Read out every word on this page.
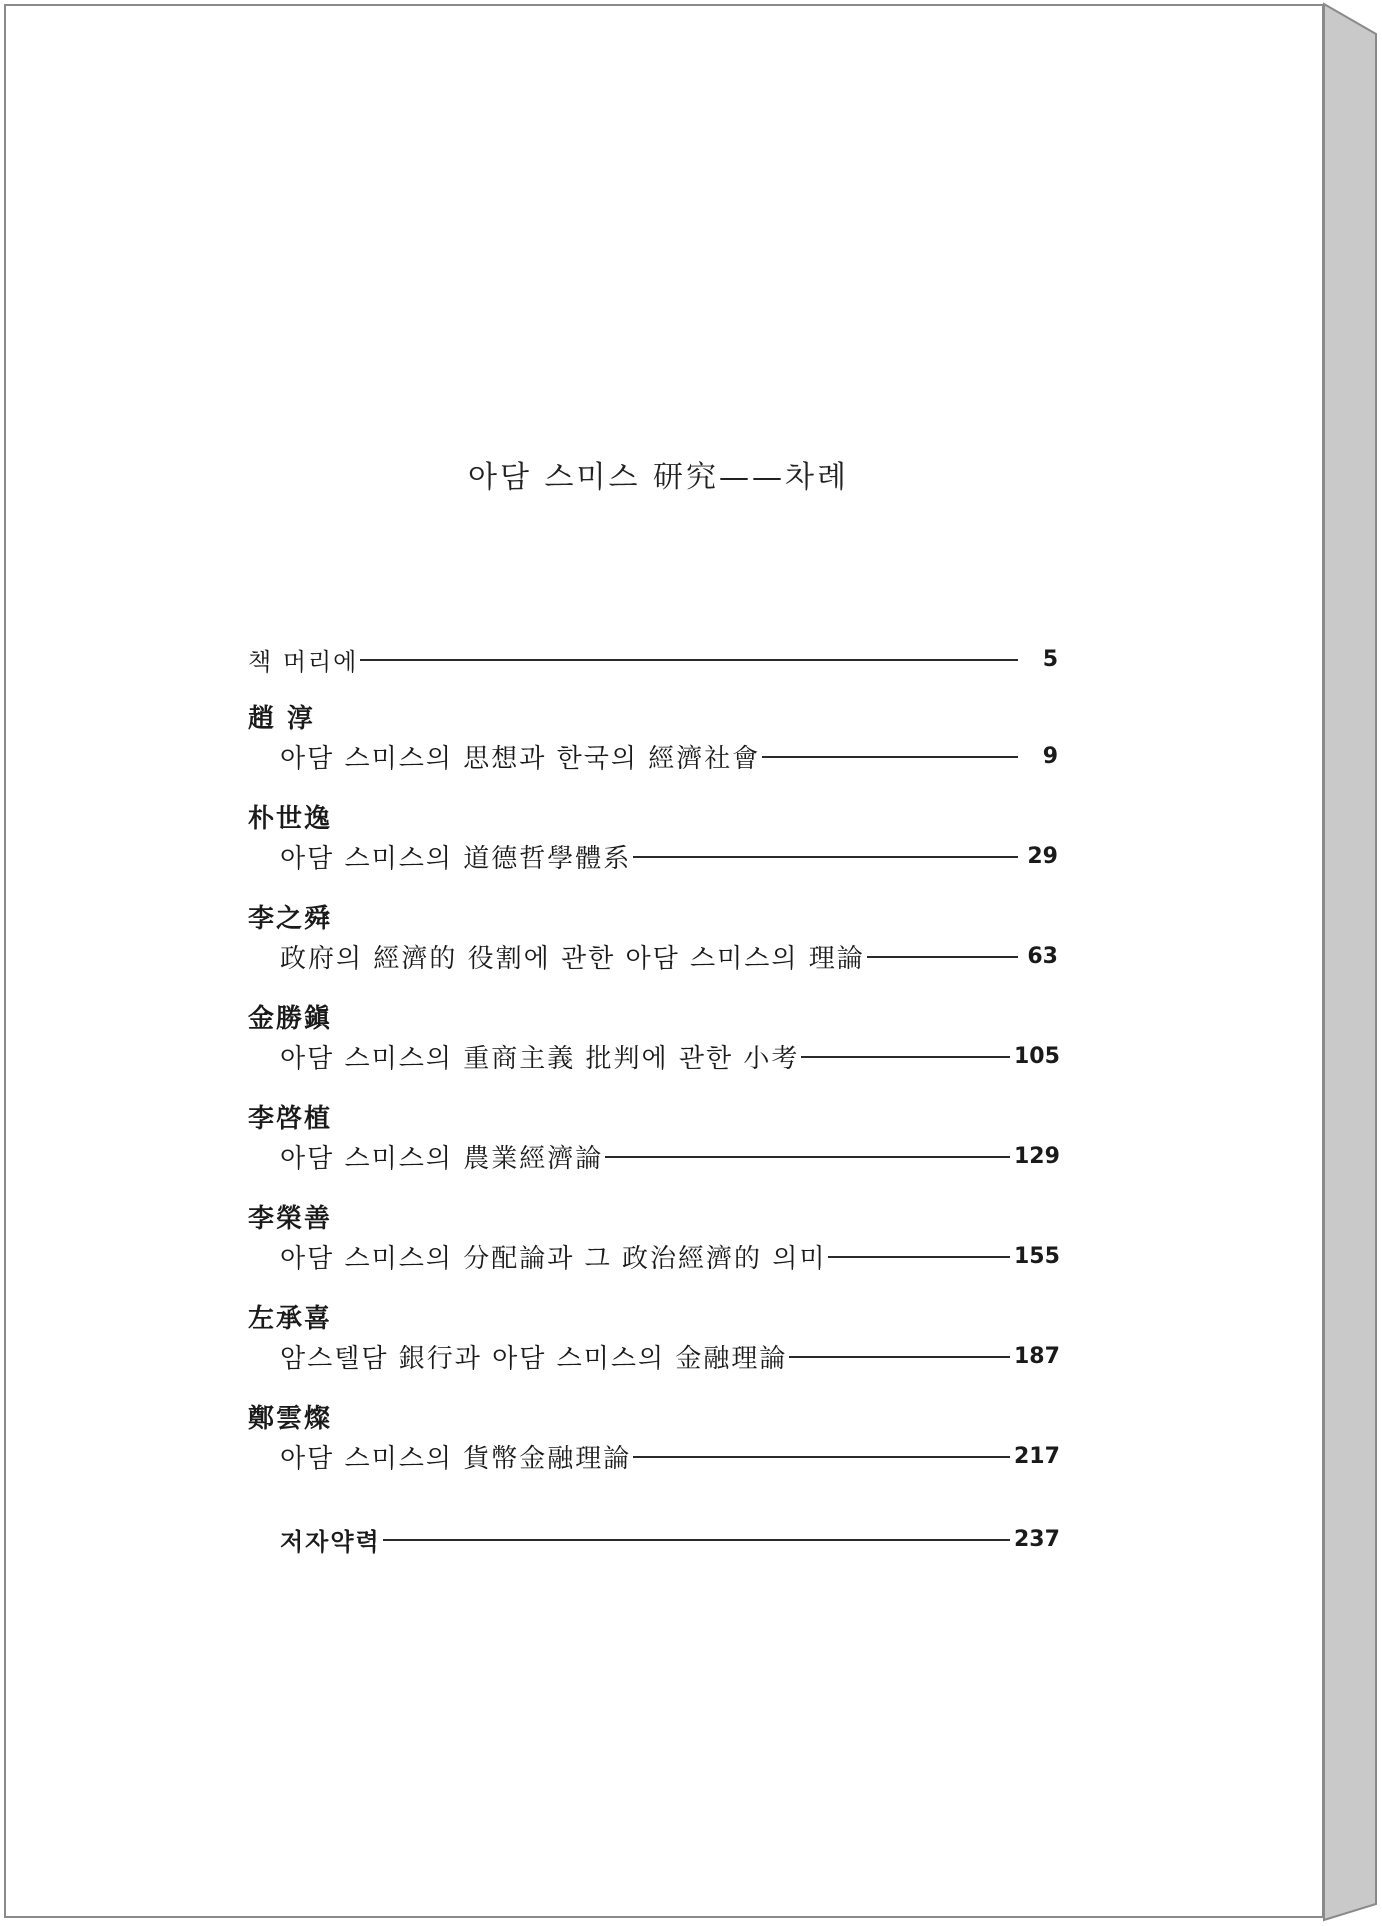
아담 스미스 研究——차례
책 머리에	5
趙 淳
아담 스미스의 思想과 한국의 經濟社會	9
朴世逸
아담 스미스의 道德哲學體系	29
李之舜
政府의 經濟的 役割에 관한 아담 스미스의 理論	63
金勝鎭
아담 스미스의 重商主義 批判에 관한 小考	105
李啓植
아담 스미스의 農業經濟論	129
李榮善
아담 스미스의 分配論과 그 政治經濟的 의미	155
左承喜
암스텔담 銀行과 아담 스미스의 金融理論	187
鄭雲燦
아담 스미스의 貨幣金融理論	217
저자약력	237
